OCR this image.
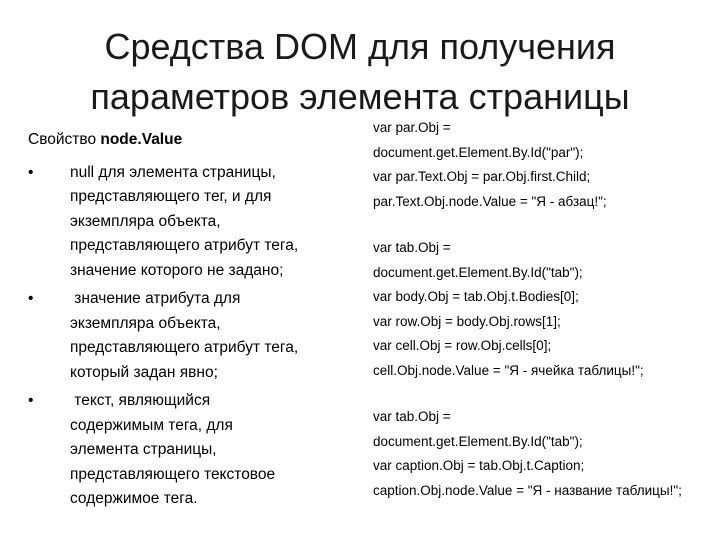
Средства DOM для получения
параметров элемента страницы
Свойство node.Value
• null для элемента страницы,
представляющего тег, и для
экземпляра объекта,
представляющего атрибут тега,
значение которого не задано;
• значение атрибута для
экземпляра объекта,
представляющего атрибут тега,
который задан явно;
• текст, являющийся
содержимым тега, для
элемента страницы,
представляющего текстовое
содержимое тега.
var par.Obj =
document.get.Element.By.Id("par");
var par.Text.Obj = par.Obj.first.Child;
par.Text.Obj.node.Value = "Я - абзац!";
var tab.Obj =
document.get.Element.By.Id("tab");
var body.Obj = tab.Obj.t.Bodies[0];
var row.Obj = body.Obj.rows[1];
var cell.Obj = row.Obj.cells[0];
cell.Obj.node.Value = "Я - ячейка таблицы!";
var tab.Obj =
document.get.Element.By.Id("tab");
var caption.Obj = tab.Obj.t.Caption;
caption.Obj.node.Value = "Я - название таблицы!";
